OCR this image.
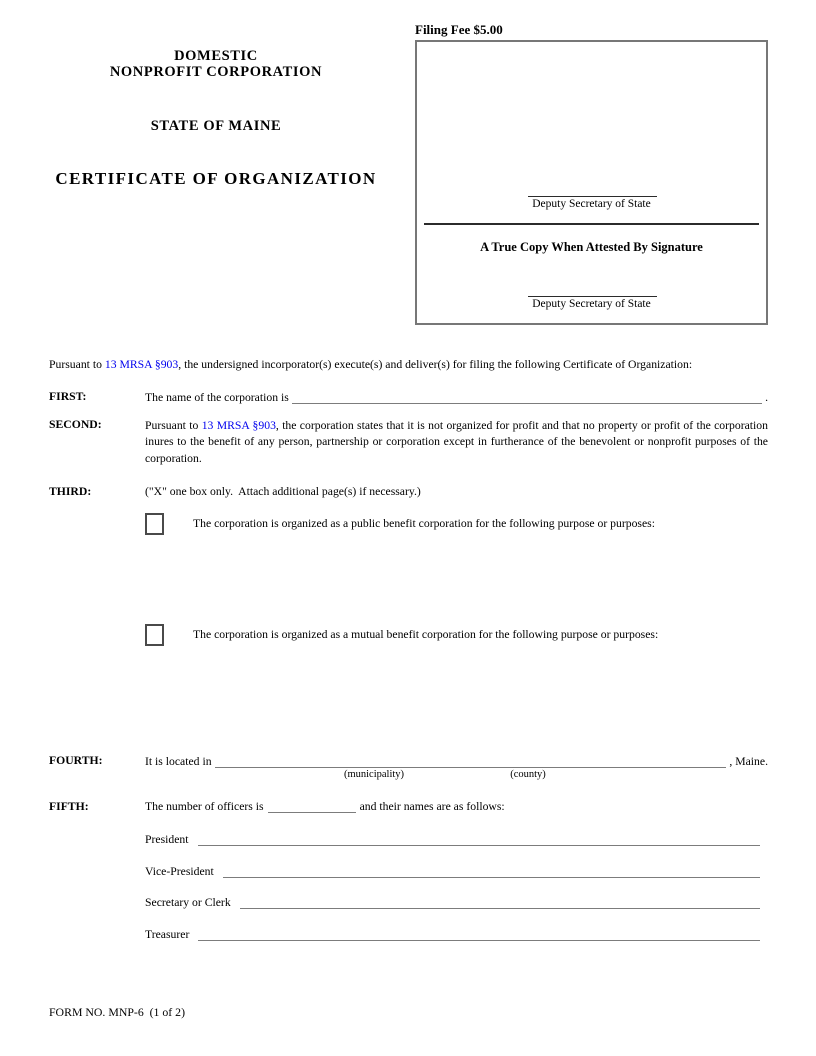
DOMESTIC
NONPROFIT CORPORATION
STATE OF MAINE
CERTIFICATE OF ORGANIZATION
Filing Fee $5.00
Deputy Secretary of State
A True Copy When Attested By Signature
Deputy Secretary of State
Pursuant to 13 MRSA §903, the undersigned incorporator(s) execute(s) and deliver(s) for filing the following Certificate of Organization:
FIRST:	The name of the corporation is	.
SECOND:	Pursuant to 13 MRSA §903, the corporation states that it is not organized for profit and that no property or profit of the corporation inures to the benefit of any person, partnership or corporation except in furtherance of the benevolent or nonprofit purposes of the corporation.
THIRD:	("X" one box only.  Attach additional page(s) if necessary.)
The corporation is organized as a public benefit corporation for the following purpose or purposes:
The corporation is organized as a mutual benefit corporation for the following purpose or purposes:
FOURTH:	It is located in	, Maine.
(municipality)	(county)
FIFTH:	The number of officers is	and their names are as follows:
President
Vice-President
Secretary or Clerk
Treasurer
FORM NO. MNP-6  (1 of 2)
